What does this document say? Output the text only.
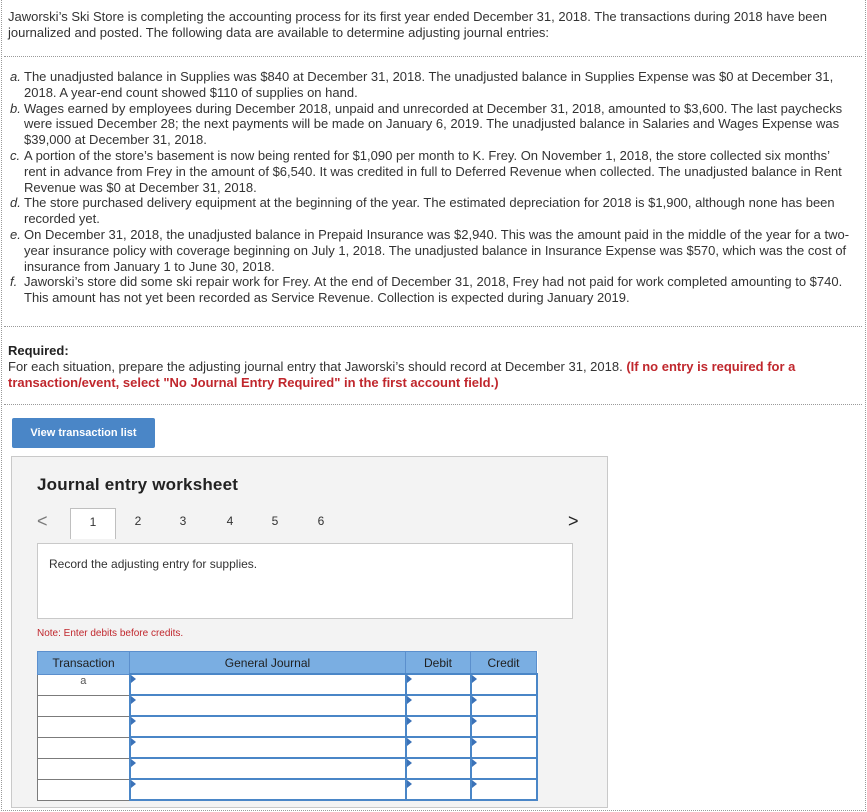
Jaworski’s Ski Store is completing the accounting process for its first year ended December 31, 2018. The transactions during 2018 have been journalized and posted. The following data are available to determine adjusting journal entries:
a. The unadjusted balance in Supplies was $840 at December 31, 2018. The unadjusted balance in Supplies Expense was $0 at December 31, 2018. A year-end count showed $110 of supplies on hand.
b. Wages earned by employees during December 2018, unpaid and unrecorded at December 31, 2018, amounted to $3,600. The last paychecks were issued December 28; the next payments will be made on January 6, 2019. The unadjusted balance in Salaries and Wages Expense was $39,000 at December 31, 2018.
c. A portion of the store’s basement is now being rented for $1,090 per month to K. Frey. On November 1, 2018, the store collected six months’ rent in advance from Frey in the amount of $6,540. It was credited in full to Deferred Revenue when collected. The unadjusted balance in Rent Revenue was $0 at December 31, 2018.
d. The store purchased delivery equipment at the beginning of the year. The estimated depreciation for 2018 is $1,900, although none has been recorded yet.
e. On December 31, 2018, the unadjusted balance in Prepaid Insurance was $2,940. This was the amount paid in the middle of the year for a two-year insurance policy with coverage beginning on July 1, 2018. The unadjusted balance in Insurance Expense was $570, which was the cost of insurance from January 1 to June 30, 2018.
f. Jaworski’s store did some ski repair work for Frey. At the end of December 31, 2018, Frey had not paid for work completed amounting to $740. This amount has not yet been recorded as Service Revenue. Collection is expected during January 2019.
Required:
For each situation, prepare the adjusting journal entry that Jaworski’s should record at December 31, 2018. (If no entry is required for a transaction/event, select "No Journal Entry Required" in the first account field.)
View transaction list
Journal entry worksheet
<	1	2	3	4	5	6	>
Record the adjusting entry for supplies.
Note: Enter debits before credits.
Transaction	General Journal	Debit	Credit
a			
